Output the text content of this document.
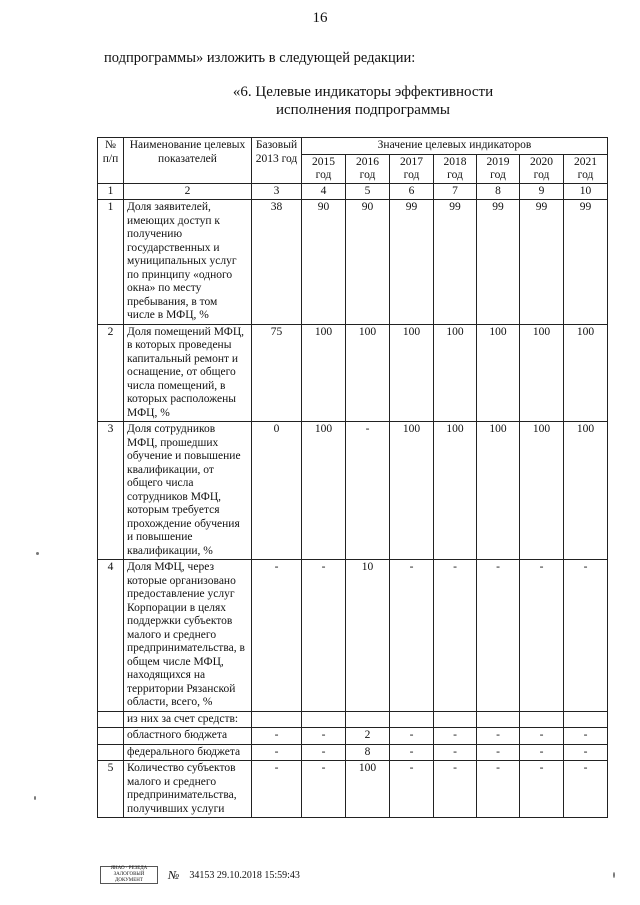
16
подпрограммы» изложить в следующей редакции:
«6. Целевые индикаторы эффективности
исполнения подпрограммы
№ п/п	Наименование целевых показателей	Базовый 2013 год	Значение целевых индикаторов						
			2015 год	2016 год	2017 год	2018 год	2019 год	2020 год	2021 год
1	2	3	4	5	6	7	8	9	10
1	Доля заявителей, имеющих доступ к получению государственных и муниципальных услуг по принципу «одного окна» по месту пребывания, в том числе в МФЦ, %	38	90	90	99	99	99	99	99
2	Доля помещений МФЦ, в которых проведены капитальный ремонт и оснащение, от общего числа помещений, в которых расположены МФЦ, %	75	100	100	100	100	100	100	100
3	Доля сотрудников МФЦ, прошедших обучение и повышение квалификации, от общего числа сотрудников МФЦ, которым требуется прохождение обучения и повышение квалификации, %	0	100	-	100	100	100	100	100
4	Доля МФЦ, через которые организовано предоставление услуг Корпорации в целях поддержки субъектов малого и среднего предпринимательства, в общем числе МФЦ, находящихся на территории Рязанской области, всего, %	-	-	10	-	-	-	-	-
	из них за счет средств:								
	областного бюджета	-	-	2	-	-	-	-	-
	федерального бюджета	-	-	8	-	-	-	-	-
5	Количество субъектов малого и среднего предпринимательства, получивших услуги	-	-	100	-	-	-	-	-
ЯНАО · РЕЗЕДА
ЗАЛОГОВЫЙ ДОКУМЕНТ	№ 34153 29.10.2018 15:59:43
